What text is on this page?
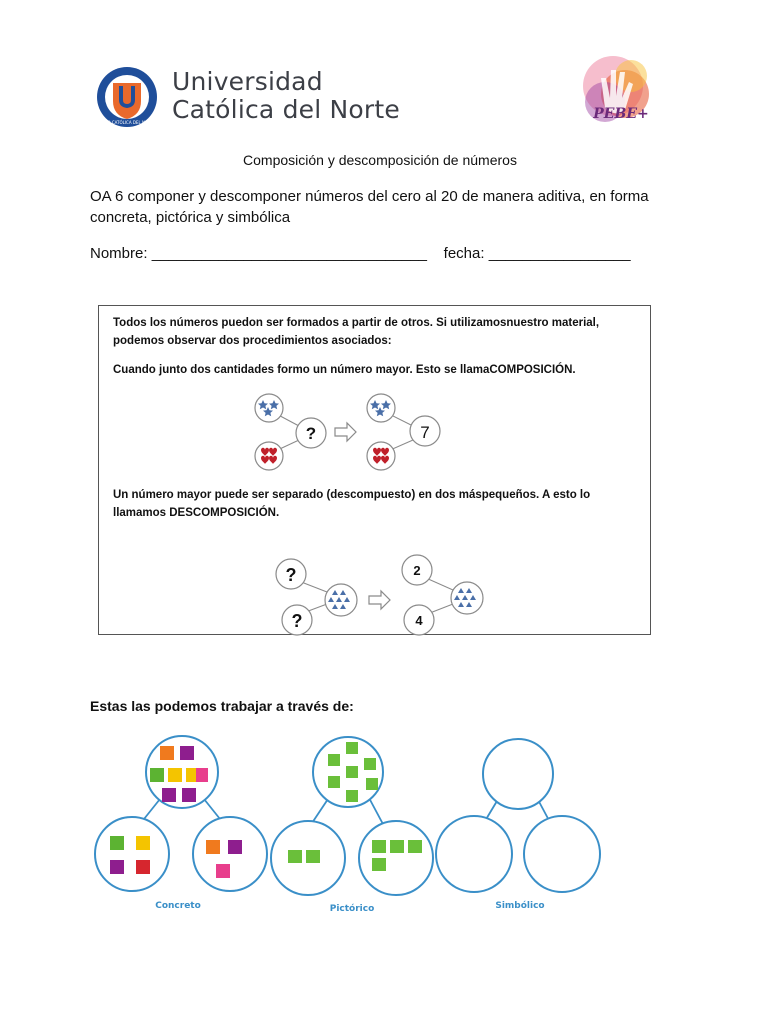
UNIVERSIDAD CATÓLICA DEL NORTE · CHILE
Universidad
Católica del Norte	PEBE+
Composición y descomposición de números
OA 6 componer y descomponer números del cero al 20 de manera aditiva, en forma concreta, pictórica y simbólica
Nombre: _________________________________ fecha: _________________
Todos los números puedon ser formados a partir de otros. Si utilizamosnuestro material, podemos observar dos procedimientos asociados:
Cuando junto dos cantidades formo un número mayor. Esto se llamaCOMPOSICIÓN.
?	7
Un número mayor puede ser separado (descompuesto) en dos máspequeños. A esto lo llamamos DESCOMPOSICIÓN.
?
?
2
4
Estas las podemos trabajar a través de:
Concreto	Pictórico	Simbólico
